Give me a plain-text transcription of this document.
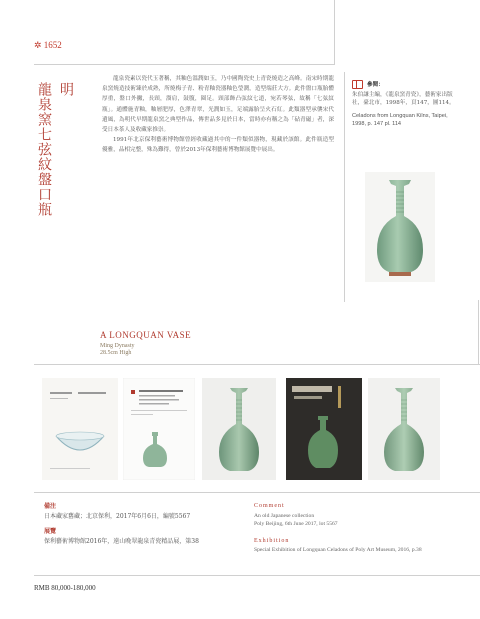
✲ 1652
明
龍泉窯七弦紋盤口瓶

龍泉瓷素以瓷代玉著稱，其釉色溫潤如玉，乃中國陶瓷史上青瓷燒造之高峰。南宋時期龍泉窯燒造技術臻於成熟，所燒梅子青、粉青釉瓷器釉色瑩潤，造型端莊大方。此件盤口瓶胎體厚重，盤口外撇，長頸，溜肩，鼓腹，圈足。頸部飾凸弦紋七道，宛若琴弦，故稱「七弦紋瓶」。通體施青釉，釉層肥厚，色澤青翠，光潤如玉，足端露胎呈火石紅。此類器型承襲宋代遺風，為明代早期龍泉窯之典型作品，傳世品多見於日本，當時亦有稱之為「砧青磁」者，深受日本茶人及收藏家推崇。

1991年北京保利藝術博物館曾經收藏過其中的一件類似器物，現藏於該館。此件瓶造型優雅，品相完整，殊為難得，曾於2013年保利藝術博物館展覽中展出。

參閱：
朱伯謙主編，《龍泉窯青瓷》，藝術家出版社，臺北市，1998年，頁147，圖114。
Celadons from Longquan Kilns, Taipei, 1998, p. 147 pl. 114
A LONGQUAN VASE
Ming Dynasty
28.5cm High
備注
日本藏家舊藏；北京保利，2017年6月6日，編號5567
展覽
保利藝術博物館2016年，遠山晚翠龍泉青瓷精品展，第38
Comment
An old Japanese collection
Poly Beijing, 6th June 2017, lot 5567
Exhibition
Special Exhibition of Longquan Celadons of Poly Art Museum, 2016, p.38
RMB 80,000-180,000
